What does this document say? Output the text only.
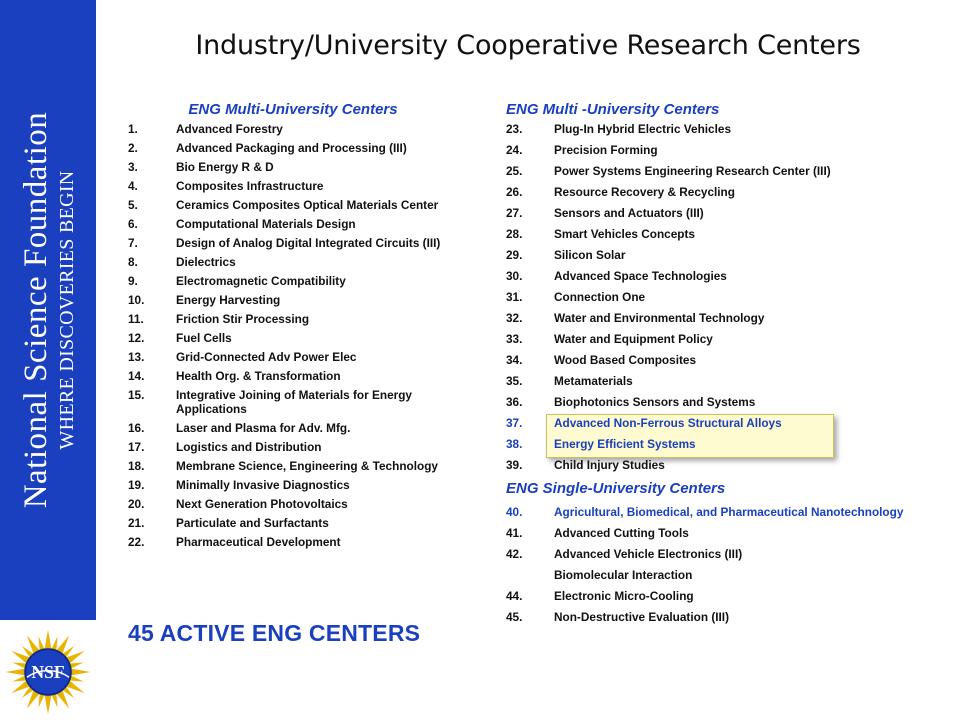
National Science Foundation WHERE DISCOVERIES BEGIN
NSF
Industry/University Cooperative Research Centers
ENG Multi-University Centers
1.	Advanced Forestry
2.	Advanced Packaging and Processing (III)
3.	Bio Energy R & D
4.	Composites Infrastructure
5.	Ceramics Composites Optical Materials Center
6.	Computational Materials Design
7.	Design of Analog Digital Integrated Circuits (III)
8.	Dielectrics
9.	Electromagnetic Compatibility
10.	Energy Harvesting
11.	Friction Stir Processing
12.	Fuel Cells
13.	Grid-Connected Adv Power Elec
14.	Health Org. & Transformation
15.	Integrative Joining of Materials for Energy Applications
16.	Laser and Plasma for Adv. Mfg.
17.	Logistics and Distribution
18.	Membrane Science, Engineering & Technology
19.	Minimally Invasive Diagnostics
20.	Next Generation Photovoltaics
21.	Particulate and Surfactants
22.	Pharmaceutical Development
ENG Multi -University Centers
23.	Plug-In Hybrid Electric Vehicles
24.	Precision Forming
25.	Power Systems Engineering Research Center (III)
26.	Resource Recovery & Recycling
27.	Sensors and Actuators (III)
28.	Smart Vehicles Concepts
29.	Silicon Solar
30.	Advanced Space Technologies
31.	Connection One
32.	Water and Environmental Technology
33.	Water and Equipment Policy
34.	Wood Based Composites
35.	Metamaterials
36.	Biophotonics Sensors and Systems
37.	Advanced Non-Ferrous Structural Alloys
38.	Energy Efficient Systems
39.	Child Injury Studies
ENG Single-University Centers
40.	Agricultural, Biomedical, and Pharmaceutical Nanotechnology
41.	Advanced Cutting Tools
42.	Advanced Vehicle Electronics (III)
Biomolecular Interaction
44.	Electronic Micro-Cooling
45.	Non-Destructive Evaluation (III)
45 ACTIVE ENG CENTERS
